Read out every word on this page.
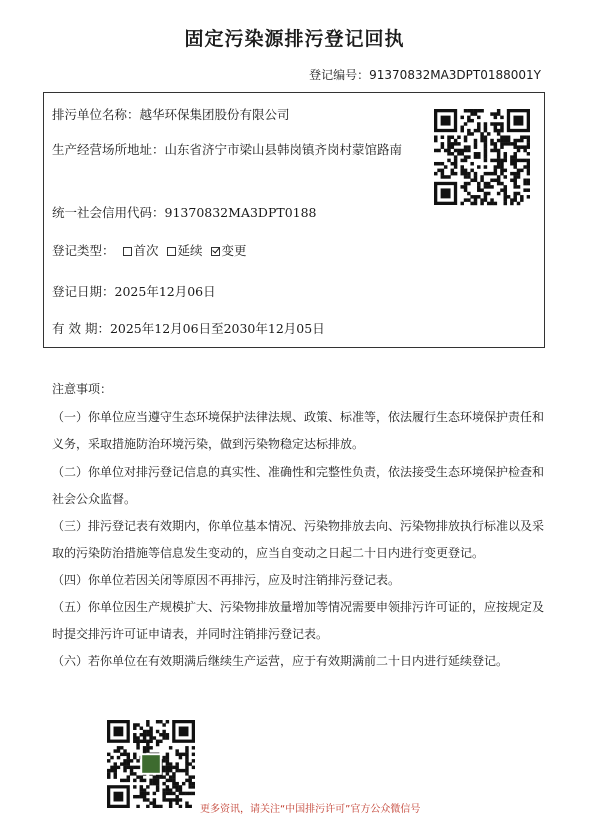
固定污染源排污登记回执
登记编号：91370832MA3DPT0188001Y
排污单位名称：越华环保集团股份有限公司
生产经营场所地址：山东省济宁市梁山县韩岗镇齐岗村蒙馆路南
统一社会信用代码：91370832MA3DPT0188
登记类型： 首次 延续 变更
登记日期：2025年12月06日
有 效 期：2025年12月06日至2030年12月05日
注意事项：
（一）你单位应当遵守生态环境保护法律法规、政策、标准等，依法履行生态环境保护责任和义务，采取措施防治环境污染，做到污染物稳定达标排放。
（二）你单位对排污登记信息的真实性、准确性和完整性负责，依法接受生态环境保护检查和社会公众监督。
（三）排污登记表有效期内，你单位基本情况、污染物排放去向、污染物排放执行标准以及采取的污染防治措施等信息发生变动的，应当自变动之日起二十日内进行变更登记。
（四）你单位若因关闭等原因不再排污，应及时注销排污登记表。
（五）你单位因生产规模扩大、污染物排放量增加等情况需要申领排污许可证的，应按规定及时提交排污许可证申请表，并同时注销排污登记表。
（六）若你单位在有效期满后继续生产运营，应于有效期满前二十日内进行延续登记。
更多资讯，请关注“中国排污许可”官方公众微信号
